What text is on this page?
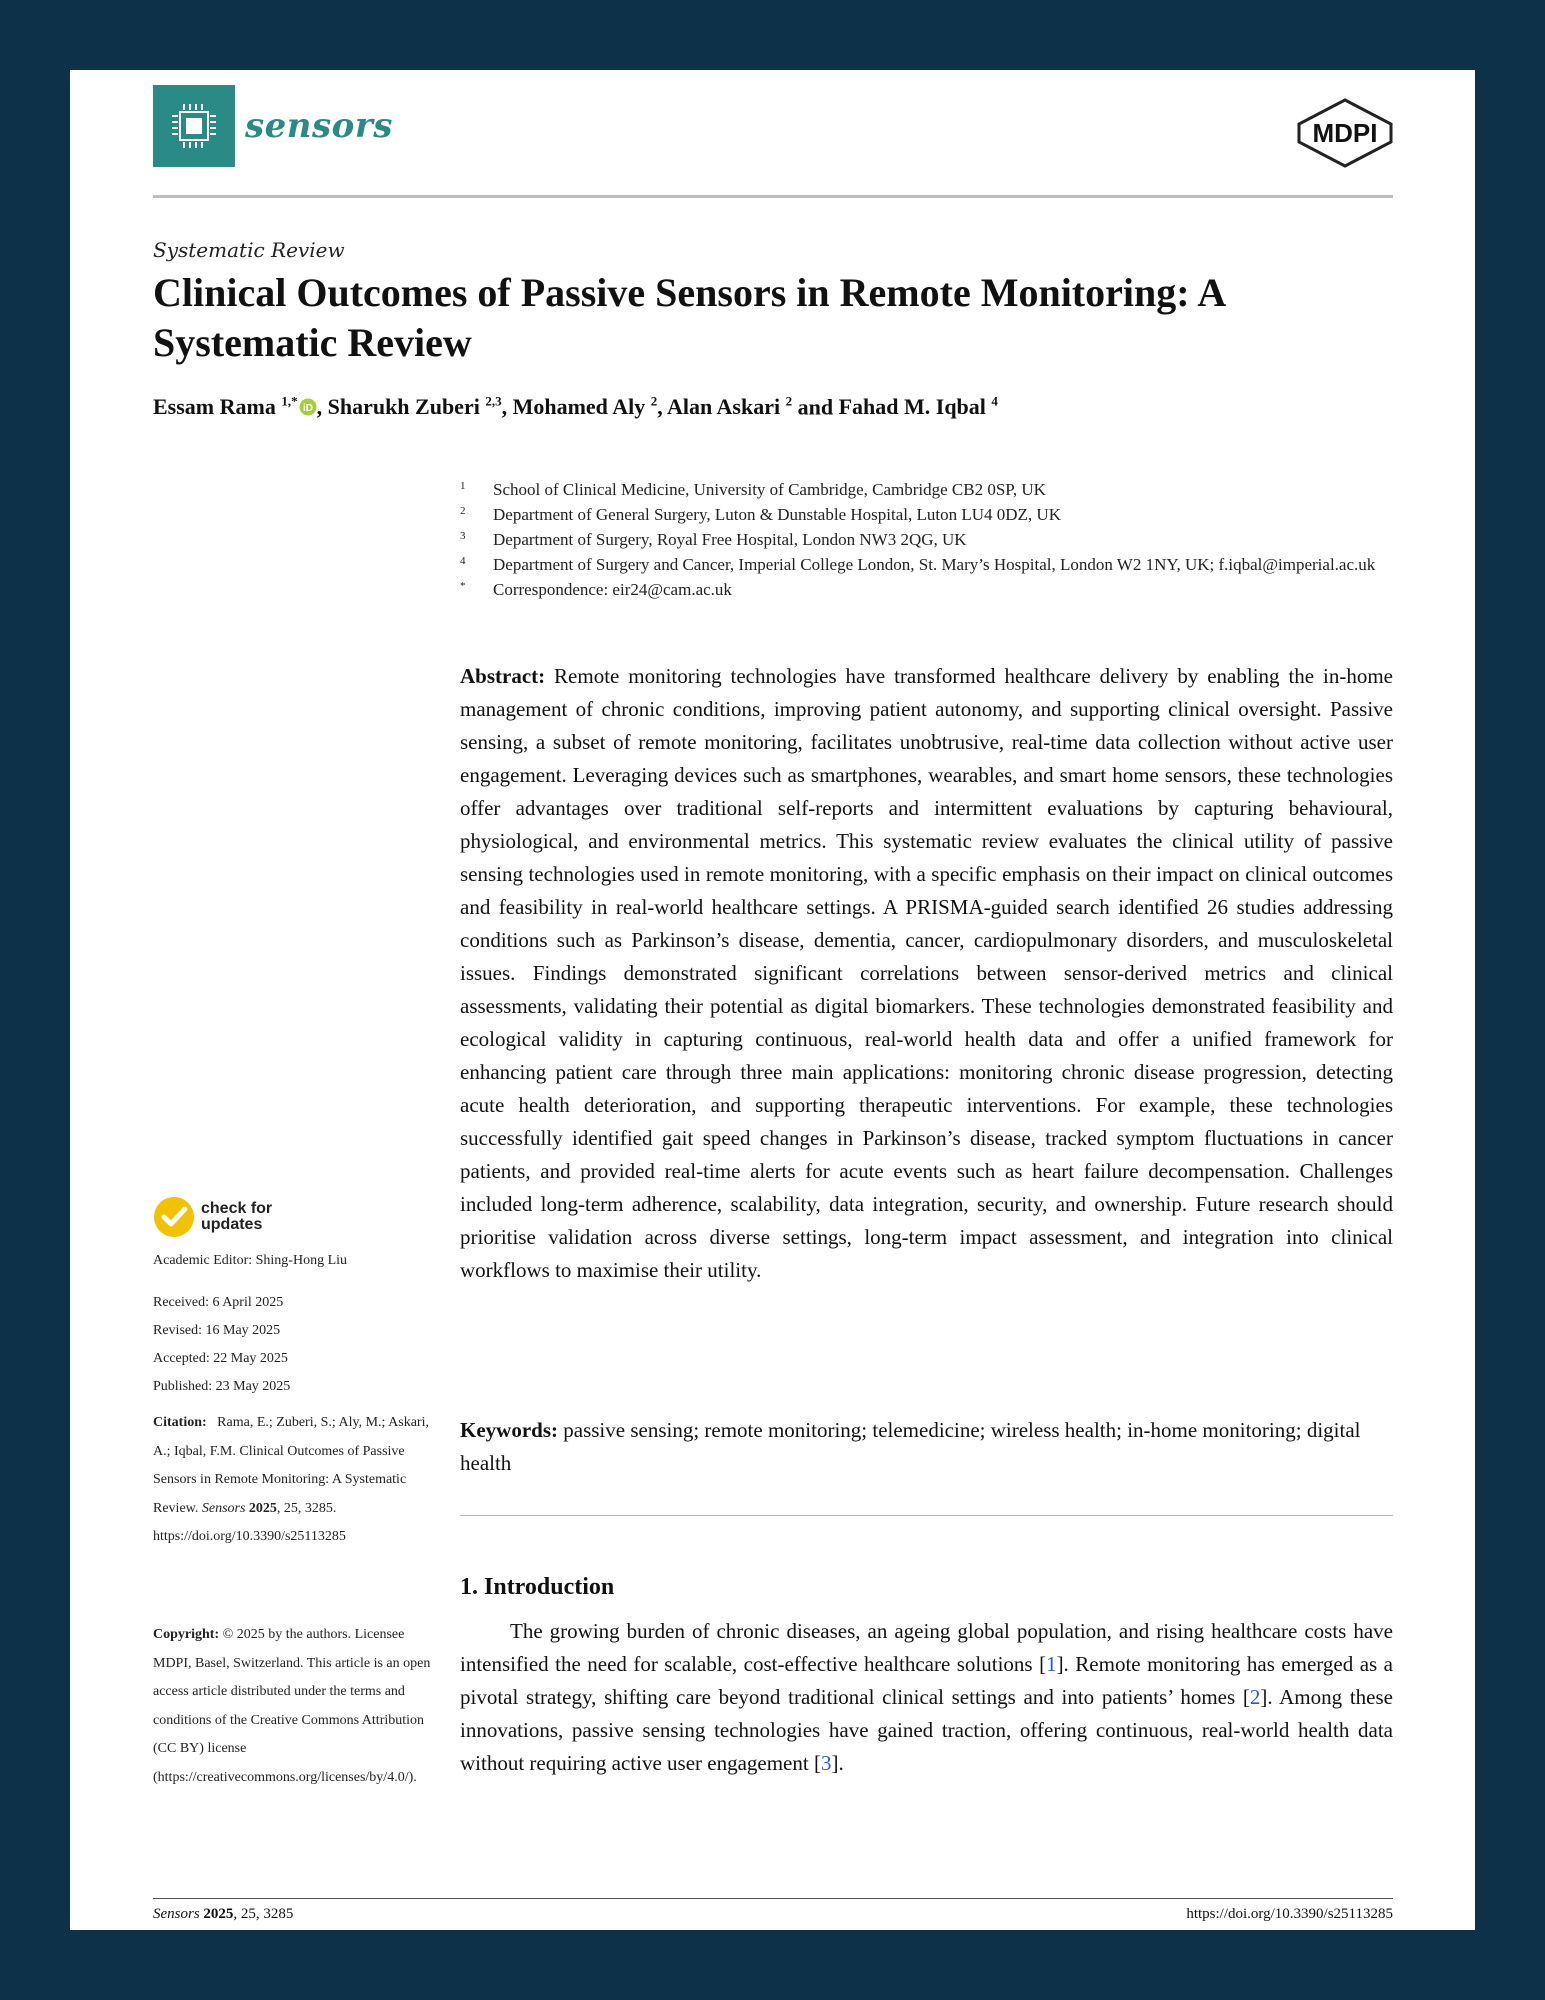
sensors	MDPI
Systematic Review
Clinical Outcomes of Passive Sensors in Remote Monitoring: A Systematic Review
Essam Rama $^{1,*}$ iD , Sharukh Zuberi $^{2,3}$, Mohamed Aly $^2$, Alan Askari $^2$ and Fahad M. Iqbal $^4$
1	School of Clinical Medicine, University of Cambridge, Cambridge CB2 0SP, UK
2	Department of General Surgery, Luton & Dunstable Hospital, Luton LU4 0DZ, UK
3	Department of Surgery, Royal Free Hospital, London NW3 2QG, UK
4	Department of Surgery and Cancer, Imperial College London, St. Mary’s Hospital, London W2 1NY, UK; f.iqbal@imperial.ac.uk
*	Correspondence: eir24@cam.ac.uk

Abstract: Remote monitoring technologies have transformed healthcare delivery by enabling the in-home management of chronic conditions, improving patient autonomy, and supporting clinical oversight. Passive sensing, a subset of remote monitoring, facilitates unobtrusive, real-time data collection without active user engagement. Leveraging devices such as smartphones, wearables, and smart home sensors, these technologies offer advantages over traditional self-reports and intermittent evaluations by capturing behavioural, physiological, and environmental metrics. This systematic review evaluates the clinical utility of passive sensing technologies used in remote monitoring, with a specific emphasis on their impact on clinical outcomes and feasibility in real-world healthcare settings. A PRISMA-guided search identified 26 studies addressing conditions such as Parkinson’s disease, dementia, cancer, cardiopulmonary disorders, and musculoskeletal issues. Findings demonstrated significant correlations between sensor-derived metrics and clinical assessments, validating their potential as digital biomarkers. These technologies demonstrated feasibility and ecological validity in capturing continuous, real-world health data and offer a unified framework for enhancing patient care through three main applications: monitoring chronic disease progression, detecting acute health deterioration, and supporting therapeutic interventions. For example, these technologies successfully identified gait speed changes in Parkinson’s disease, tracked symptom fluctuations in cancer patients, and provided real-time alerts for acute events such as heart failure decompensation. Challenges included long-term adherence, scalability, data integration, security, and ownership. Future research should prioritise validation across diverse settings, long-term impact assessment, and integration into clinical workflows to maximise their utility.

Keywords: passive sensing; remote monitoring; telemedicine; wireless health; in-home monitoring; digital health

1. Introduction

The growing burden of chronic diseases, an ageing global population, and rising healthcare costs have intensified the need for scalable, cost-effective healthcare solutions [1]. Remote monitoring has emerged as a pivotal strategy, shifting care beyond traditional clinical settings and into patients’ homes [2]. Among these innovations, passive sensing technologies have gained traction, offering continuous, real-world health data without requiring active user engagement [3].

check for
updates
Academic Editor: Shing-Hong Liu

Received: 6 April 2025

Revised: 16 May 2025

Accepted: 22 May 2025

Published: 23 May 2025

Citation: Rama, E.; Zuberi, S.; Aly, M.; Askari, A.; Iqbal, F.M. Clinical Outcomes of Passive Sensors in Remote Monitoring: A Systematic Review. Sensors 2025, 25, 3285. https://doi.org/10.3390/s25113285

Copyright: © 2025 by the authors. Licensee MDPI, Basel, Switzerland. This article is an open access article distributed under the terms and conditions of the Creative Commons Attribution (CC BY) license (https://creativecommons.org/licenses/by/4.0/).

Sensors 2025, 25, 3285	https://doi.org/10.3390/s25113285
